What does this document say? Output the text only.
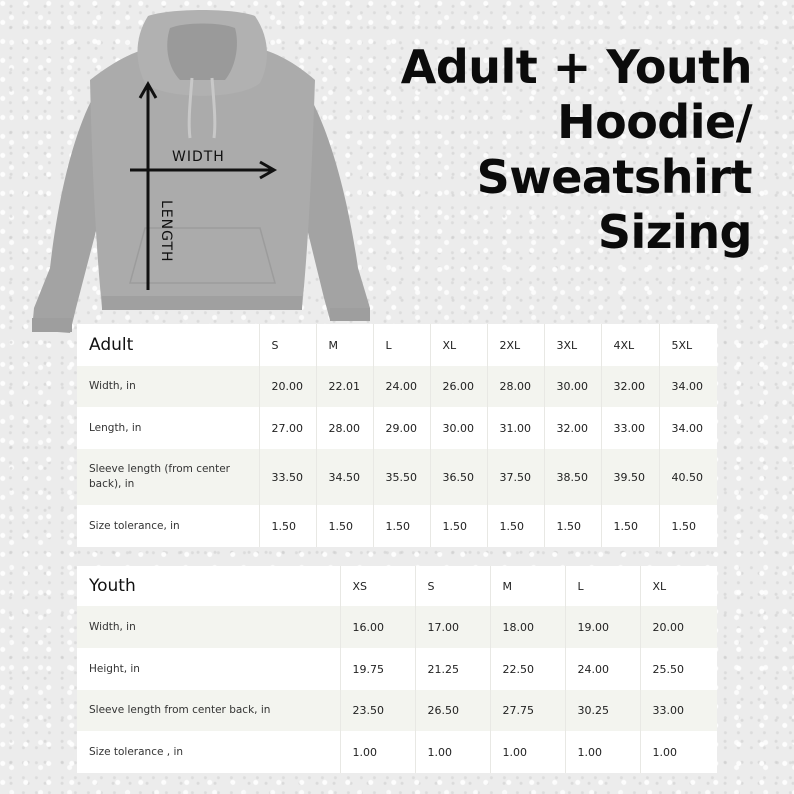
WIDTH
LENGTH
Adult + Youth
Hoodie/
Sweatshirt
Sizing
Adult	S	M	L	XL	2XL	3XL	4XL	5XL
Width, in	20.00	22.01	24.00	26.00	28.00	30.00	32.00	34.00
Length, in	27.00	28.00	29.00	30.00	31.00	32.00	33.00	34.00
Sleeve length (from center back), in	33.50	34.50	35.50	36.50	37.50	38.50	39.50	40.50
Size tolerance, in	1.50	1.50	1.50	1.50	1.50	1.50	1.50	1.50
Youth	XS	S	M	L	XL
Width, in	16.00	17.00	18.00	19.00	20.00
Height, in	19.75	21.25	22.50	24.00	25.50
Sleeve length from center back, in	23.50	26.50	27.75	30.25	33.00
Size tolerance , in	1.00	1.00	1.00	1.00	1.00
